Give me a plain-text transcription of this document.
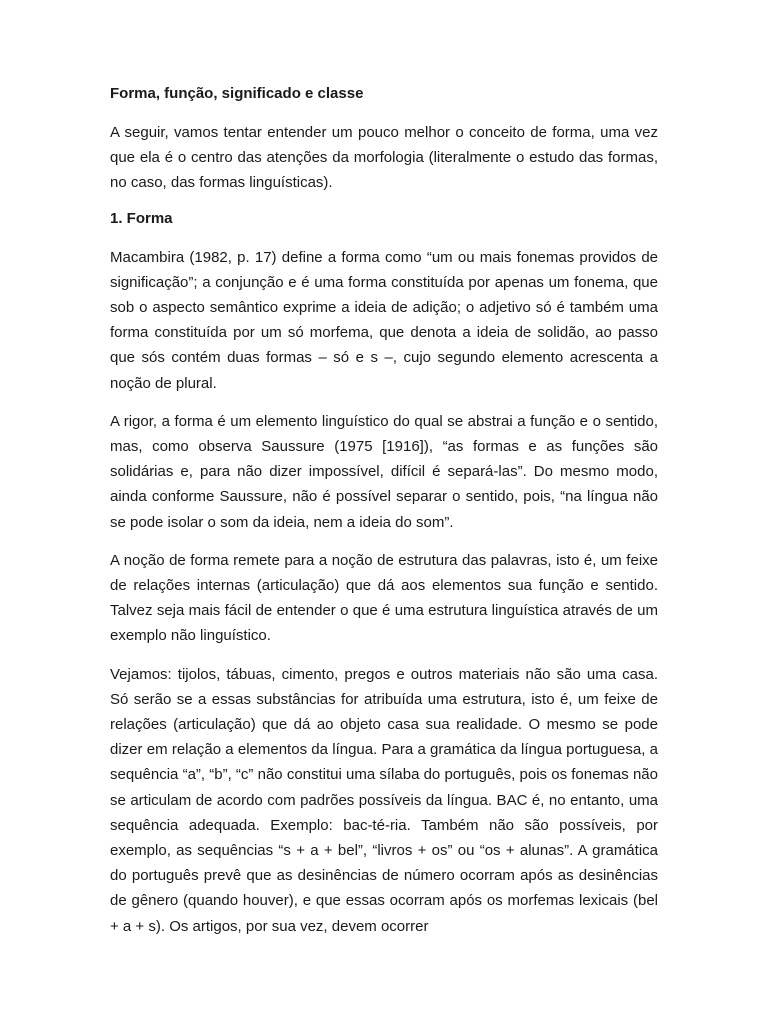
Forma, função, significado e classe

A seguir, vamos tentar entender um pouco melhor o conceito de forma, uma vez que ela é o centro das atenções da morfologia (literalmente o estudo das formas, no caso, das formas linguísticas).

1. Forma

Macambira (1982, p. 17) define a forma como “um ou mais fonemas providos de significação”; a conjunção e é uma forma constituída por apenas um fonema, que sob o aspecto semântico exprime a ideia de adição; o adjetivo só é também uma forma constituída por um só morfema, que denota a ideia de solidão, ao passo que sós contém duas formas – só e s –, cujo segundo elemento acrescenta a noção de plural.

A rigor, a forma é um elemento linguístico do qual se abstrai a função e o sentido, mas, como observa Saussure (1975 [1916]), “as formas e as funções são solidárias e, para não dizer impossível, difícil é separá-las”. Do mesmo modo, ainda conforme Saussure, não é possível separar o sentido, pois, “na língua não se pode isolar o som da ideia, nem a ideia do som”.

A noção de forma remete para a noção de estrutura das palavras, isto é, um feixe de relações internas (articulação) que dá aos elementos sua função e sentido. Talvez seja mais fácil de entender o que é uma estrutura linguística através de um exemplo não linguístico.

Vejamos: tijolos, tábuas, cimento, pregos e outros materiais não são uma casa. Só serão se a essas substâncias for atribuída uma estrutura, isto é, um feixe de relações (articulação) que dá ao objeto casa sua realidade. O mesmo se pode dizer em relação a elementos da língua. Para a gramática da língua portuguesa, a sequência “a”, “b”, “c” não constitui uma sílaba do português, pois os fonemas não se articulam de acordo com padrões possíveis da língua. BAC é, no entanto, uma sequência adequada. Exemplo: bac-té-ria. Também não são possíveis, por exemplo, as sequências “s + a + bel”, “livros + os” ou “os + alunas”. A gramática do português prevê que as desinências de número ocorram após as desinências de gênero (quando houver), e que essas ocorram após os morfemas lexicais (bel + a + s). Os artigos, por sua vez, devem ocorrer
